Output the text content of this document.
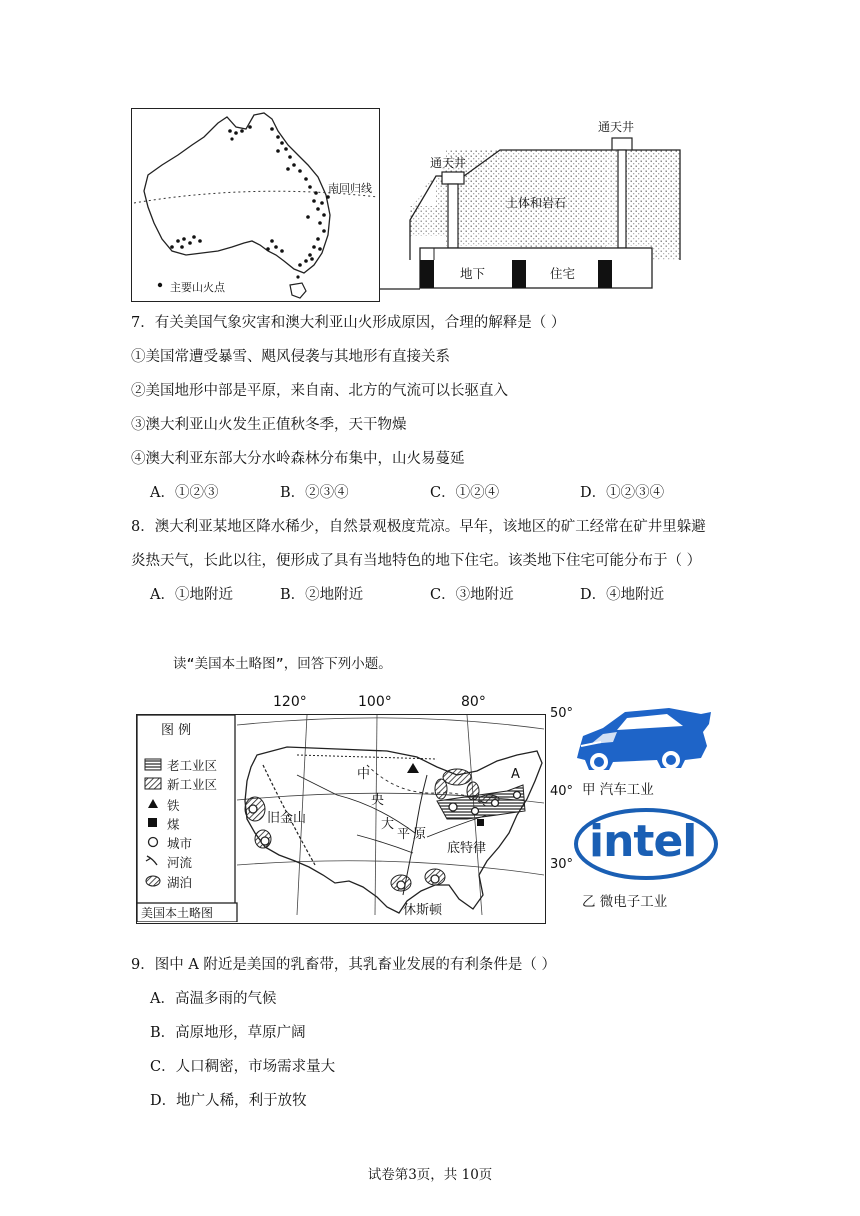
南回归线
主要山火点
通天井
通天井
土体和岩石
地下	住宅
7．有关美国气象灾害和澳大利亚山火形成原因，合理的解释是（ ）
①美国常遭受暴雪、飓风侵袭与其地形有直接关系
②美国地形中部是平原，来自南、北方的气流可以长驱直入
③澳大利亚山火发生正值秋冬季，天干物燥
④澳大利亚东部大分水岭森林分布集中，山火易蔓延
A．①②③	B．②③④	C．①②④	D．①②③④
8．澳大利亚某地区降水稀少，自然景观极度荒凉。早年，该地区的矿工经常在矿井里躲避
炎热天气，长此以往，便形成了具有当地特色的地下住宅。该类地下住宅可能分布于（ ）
A．①地附近	B．②地附近	C．③地附近	D．④地附近
读“美国本土略图”，回答下列小题。
120°	100°	80°
50°
40°
30°
图 例
老工业区
新工业区
铁
煤
城市
河流
湖泊
美国本土略图
中
央
大
平 原
旧金山
底特律
休斯顿
A
甲 汽车工业
intel
乙 微电子工业
9．图中 A 附近是美国的乳畜带，其乳畜业发展的有利条件是（ ）
A．高温多雨的气候
B．高原地形，草原广阔
C．人口稠密，市场需求量大
D．地广人稀，利于放牧
试卷第3页，共 10页
